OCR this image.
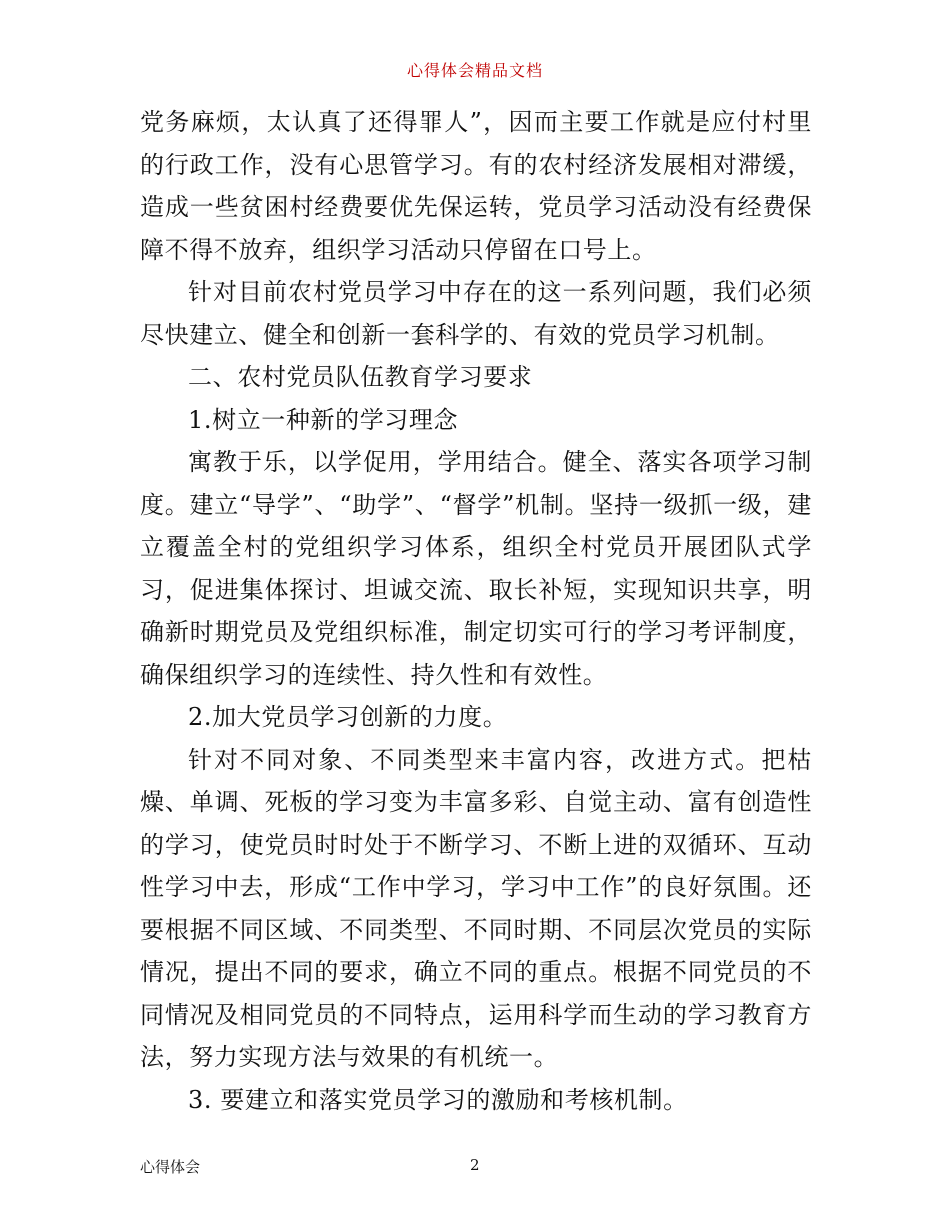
心得体会精品文档

党务麻烦，太认真了还得罪人”，因而主要工作就是应付村里的行政工作，没有心思管学习。有的农村经济发展相对滞缓，造成一些贫困村经费要优先保运转，党员学习活动没有经费保障不得不放弃，组织学习活动只停留在口号上。

针对目前农村党员学习中存在的这一系列问题，我们必须尽快建立、健全和创新一套科学的、有效的党员学习机制。

二、农村党员队伍教育学习要求

1.树立一种新的学习理念

寓教于乐，以学促用，学用结合。健全、落实各项学习制度。建立“导学”、“助学”、“督学”机制。坚持一级抓一级，建立覆盖全村的党组织学习体系，组织全村党员开展团队式学习，促进集体探讨、坦诚交流、取长补短，实现知识共享，明确新时期党员及党组织标准，制定切实可行的学习考评制度，确保组织学习的连续性、持久性和有效性。

2.加大党员学习创新的力度。

针对不同对象、不同类型来丰富内容，改进方式。把枯燥、单调、死板的学习变为丰富多彩、自觉主动、富有创造性的学习，使党员时时处于不断学习、不断上进的双循环、互动性学习中去，形成“工作中学习，学习中工作”的良好氛围。还要根据不同区域、不同类型、不同时期、不同层次党员的实际情况，提出不同的要求，确立不同的重点。根据不同党员的不同情况及相同党员的不同特点，运用科学而生动的学习教育方法，努力实现方法与效果的有机统一。

3. 要建立和落实党员学习的激励和考核机制。

心得体会	2
